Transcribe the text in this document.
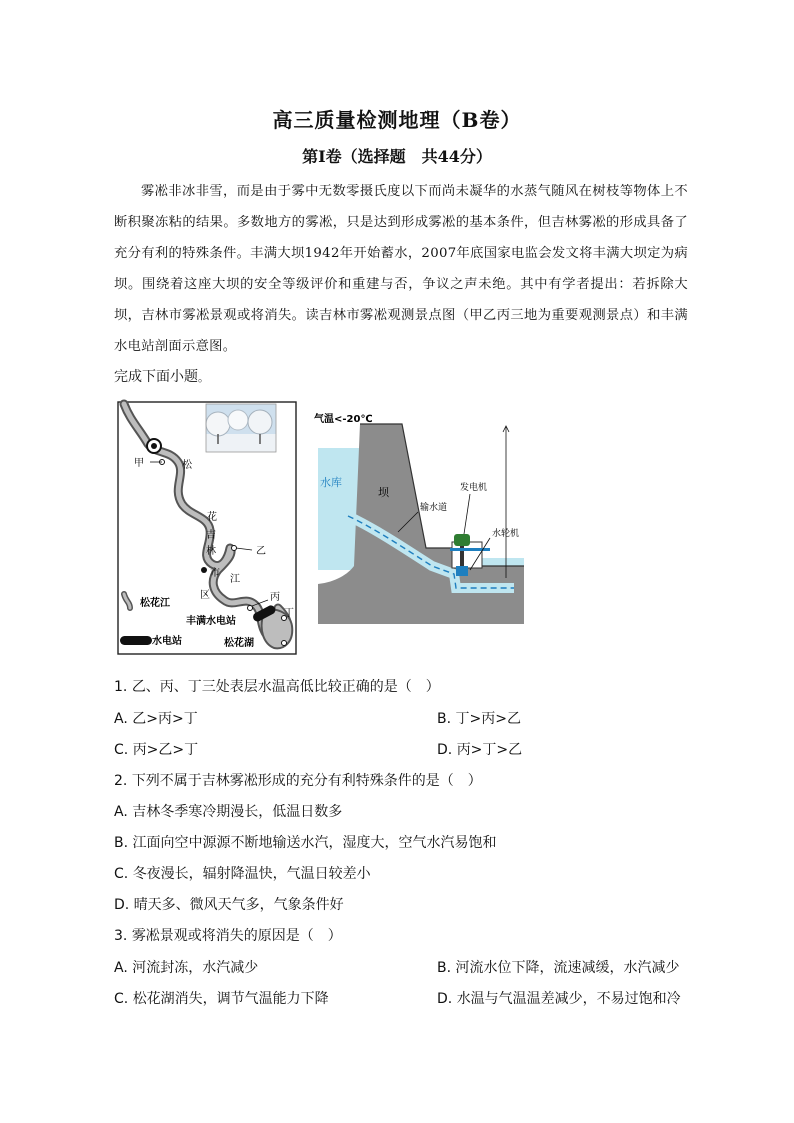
高三质量检测地理（B卷）
第Ⅰ卷（选择题　共44分）
雾凇非冰非雪，而是由于雾中无数零摄氏度以下而尚未凝华的水蒸气随风在树枝等物体上不断积聚冻粘的结果。多数地方的雾凇，只是达到形成雾凇的基本条件，但吉林雾凇的形成具备了充分有利的特殊条件。丰满大坝1942年开始蓄水，2007年底国家电监会发文将丰满大坝定为病坝。围绕着这座大坝的安全等级评价和重建与否，争议之声未绝。其中有学者提出：若拆除大坝，吉林市雾凇景观或将消失。读吉林市雾凇观测景点图（甲乙丙三地为重要观测景点）和丰满水电站剖面示意图。
完成下面小题。
甲	松
花
吉
林	乙
市
江
区	丙
丁
丰满水电站
松花湖
松花江
水电站
气温<-20℃
水库
坝
输水道
发电机
水轮机
1. 乙、丙、丁三处表层水温高低比较正确的是（　）
A. 乙>丙>丁	B. 丁>丙>乙
C. 丙>乙>丁	D. 丙>丁>乙
2. 下列不属于吉林雾凇形成的充分有利特殊条件的是（　）
A. 吉林冬季寒冷期漫长，低温日数多
B. 江面向空中源源不断地输送水汽，湿度大，空气水汽易饱和
C. 冬夜漫长，辐射降温快，气温日较差小
D. 晴天多、微风天气多，气象条件好
3. 雾凇景观或将消失的原因是（　）
A. 河流封冻，水汽减少	B. 河流水位下降，流速减缓，水汽减少
C. 松花湖消失，调节气温能力下降	D. 水温与气温温差减少，不易过饱和冷
